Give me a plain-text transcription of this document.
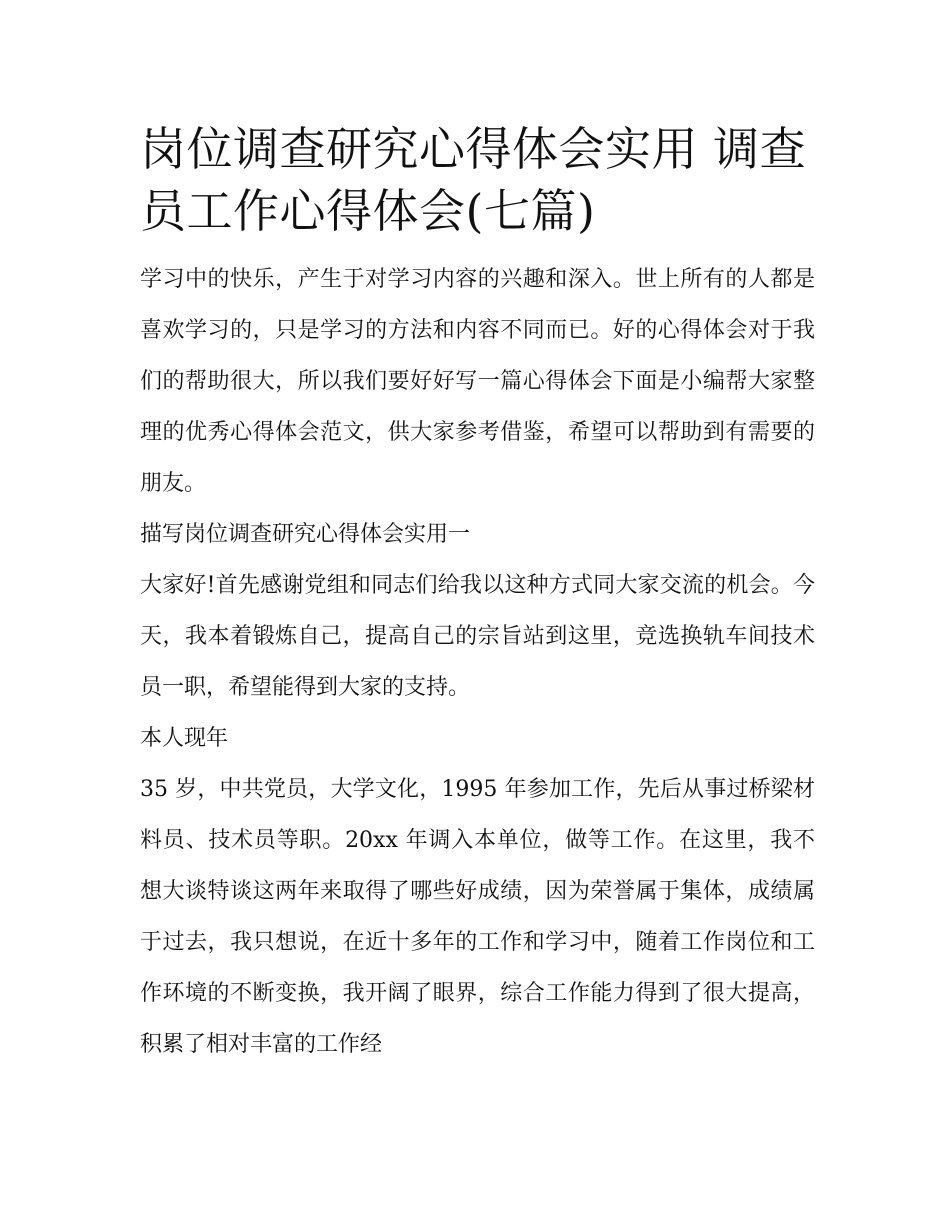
岗位调查研究心得体会实用 调查员工作心得体会(七篇)

学习中的快乐，产生于对学习内容的兴趣和深入。世上所有的人都是喜欢学习的，只是学习的方法和内容不同而已。好的心得体会对于我们的帮助很大，所以我们要好好写一篇心得体会下面是小编帮大家整理的优秀心得体会范文，供大家参考借鉴，希望可以帮助到有需要的朋友。

描写岗位调查研究心得体会实用一

大家好!首先感谢党组和同志们给我以这种方式同大家交流的机会。今天，我本着锻炼自己，提高自己的宗旨站到这里，竞选换轨车间技术员一职，希望能得到大家的支持。

本人现年

35 岁，中共党员，大学文化，1995 年参加工作，先后从事过桥梁材料员、技术员等职。20xx 年调入本单位，做等工作。在这里，我不想大谈特谈这两年来取得了哪些好成绩，因为荣誉属于集体，成绩属于过去，我只想说，在近十多年的工作和学习中，随着工作岗位和工作环境的不断变换，我开阔了眼界，综合工作能力得到了很大提高，积累了相对丰富的工作经
